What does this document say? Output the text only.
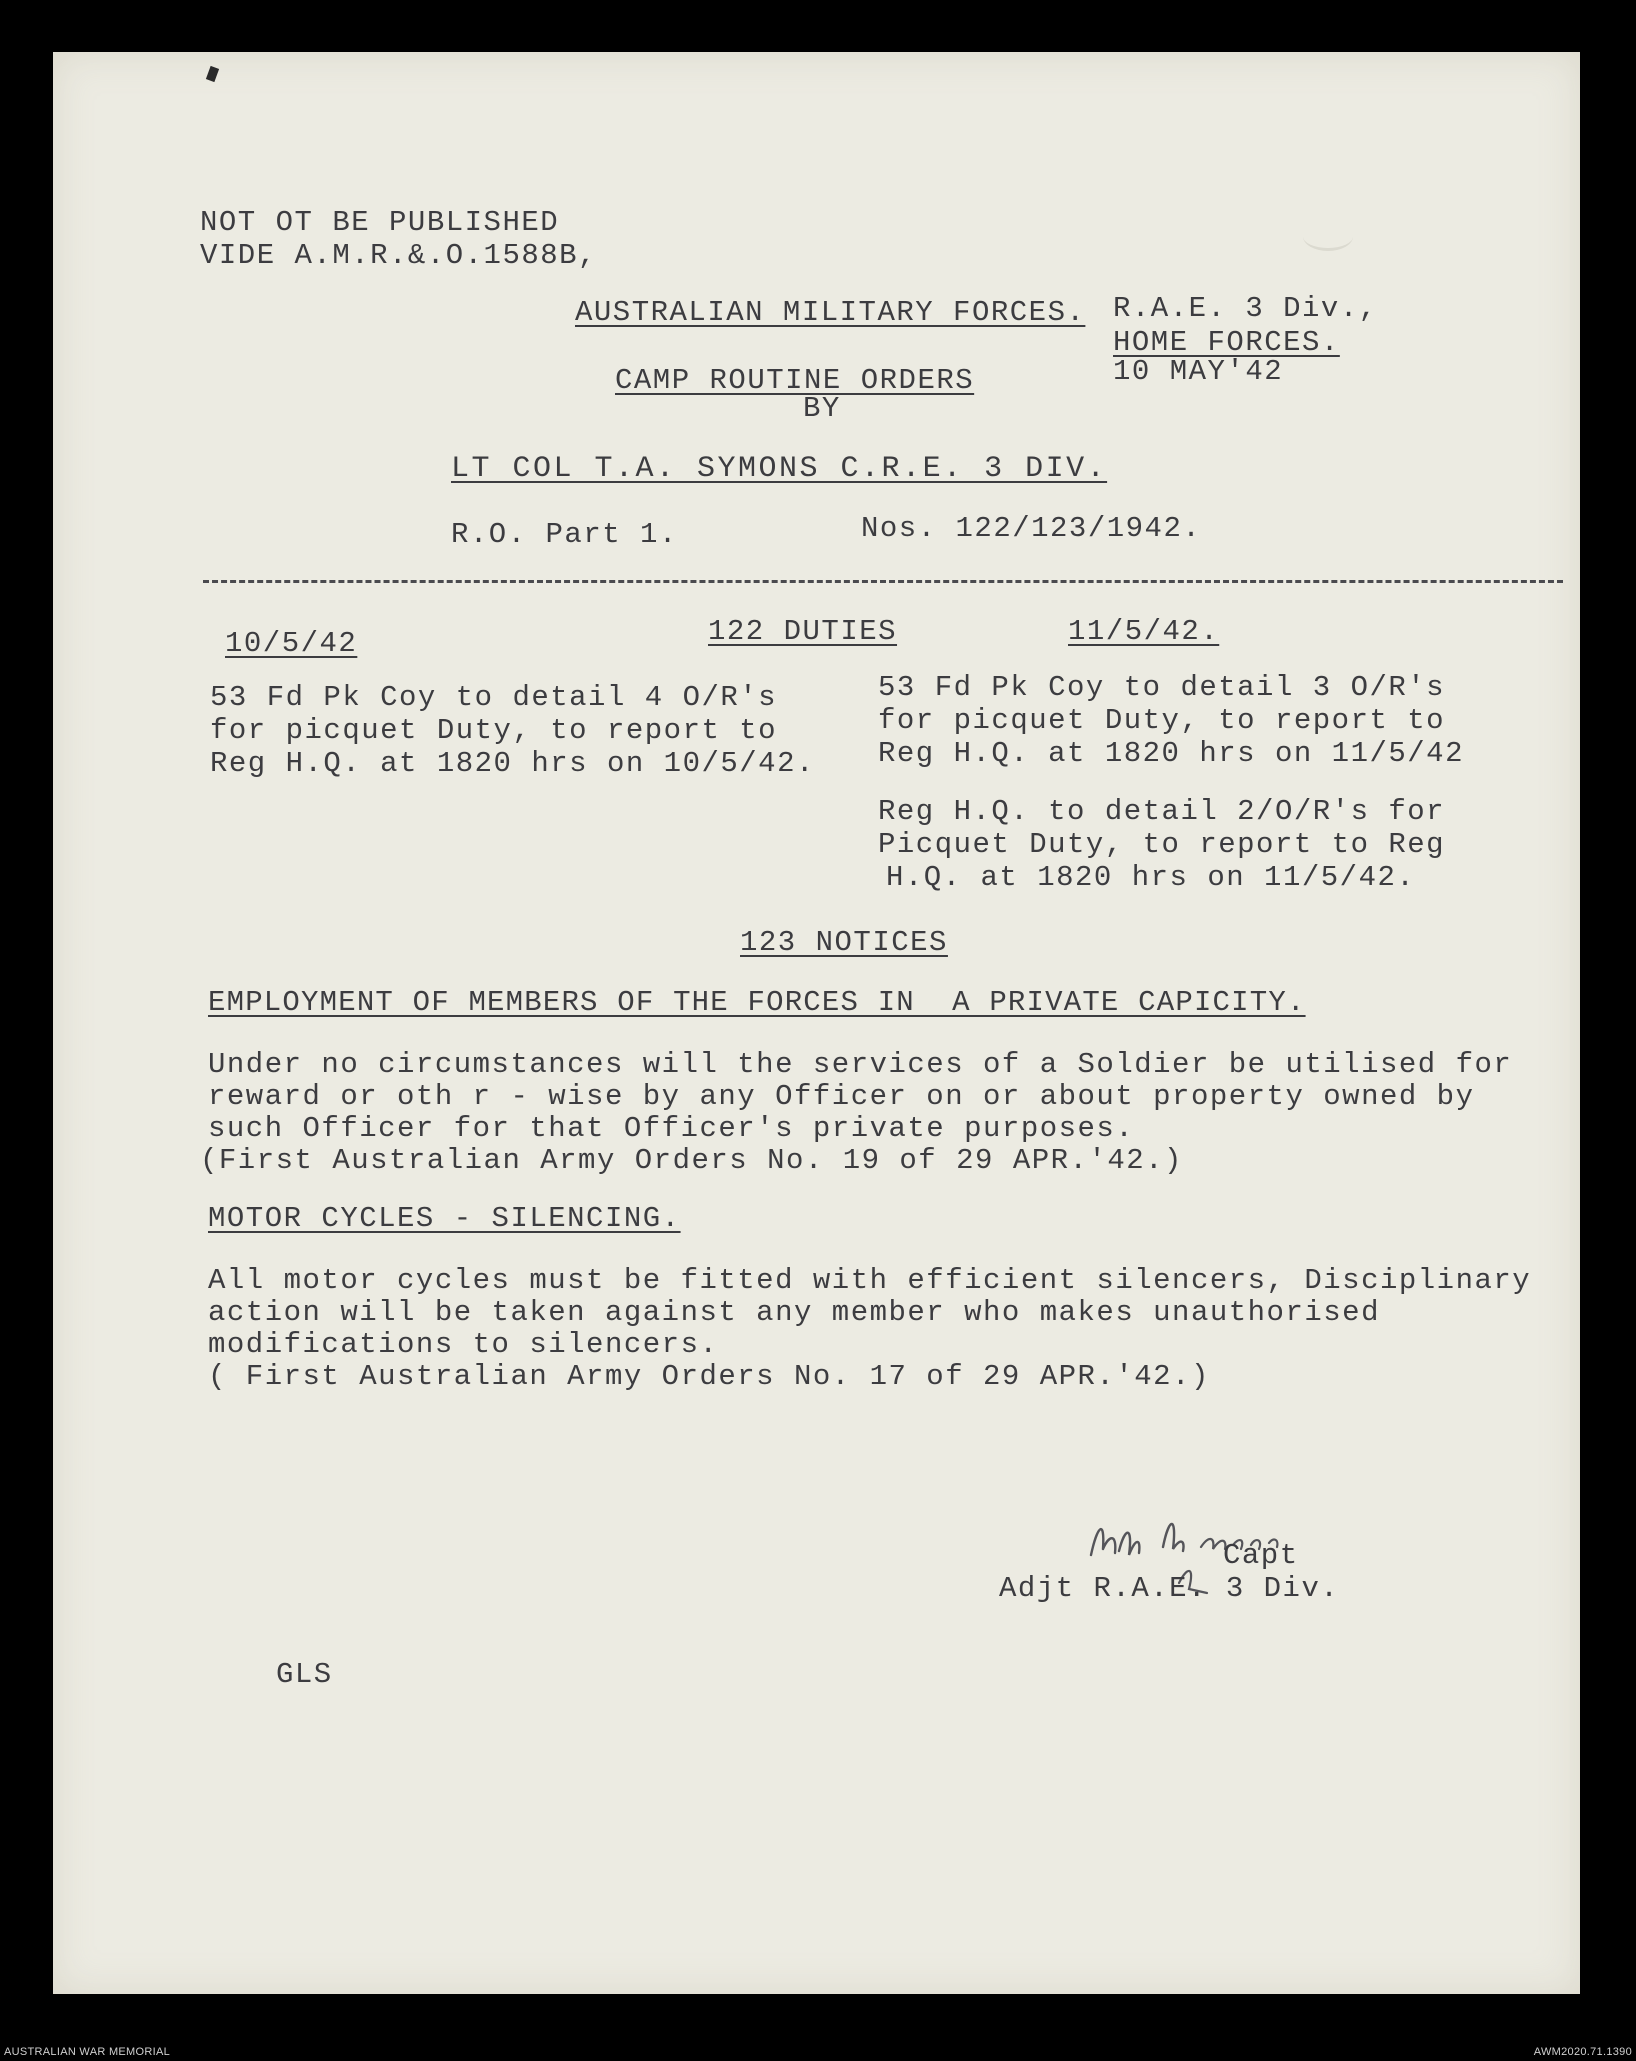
NOT OT BE PUBLISHED
VIDE A.M.R.&.O.1588B,
AUSTRALIAN MILITARY FORCES. R.A.E. 3 Div.,
HOME FORCES.
10 MAY'42
CAMP ROUTINE ORDERS
BY
LT COL T.A. SYMONS C.R.E. 3 DIV.
R.O. Part 1.	Nos. 122/123/1942.
10/5/42	122 DUTIES	11/5/42.
53 Fd Pk Coy to detail 4 O/R's
for picquet Duty, to report to
Reg H.Q. at 1820 hrs on 10/5/42.
53 Fd Pk Coy to detail 3 O/R's
for picquet Duty, to report to
Reg H.Q. at 1820 hrs on 11/5/42
Reg H.Q. to detail 2/O/R's for
Picquet Duty, to report to Reg
H.Q. at 1820 hrs on 11/5/42.
123 NOTICES
EMPLOYMENT OF MEMBERS OF THE FORCES IN  A PRIVATE CAPICITY.
Under no circumstances will the services of a Soldier be utilised for
reward or oth r - wise by any Officer on or about property owned by
such Officer for that Officer's private purposes.
(First Australian Army Orders No. 19 of 29 APR.'42.)
MOTOR CYCLES - SILENCING.
All motor cycles must be fitted with efficient silencers, Disciplinary
action will be taken against any member who makes unauthorised
modifications to silencers.
( First Australian Army Orders No. 17 of 29 APR.'42.)
Capt
Adjt R.A.E. 3 Div.
GLS
AUSTRALIAN WAR MEMORIAL	AWM2020.71.1390
